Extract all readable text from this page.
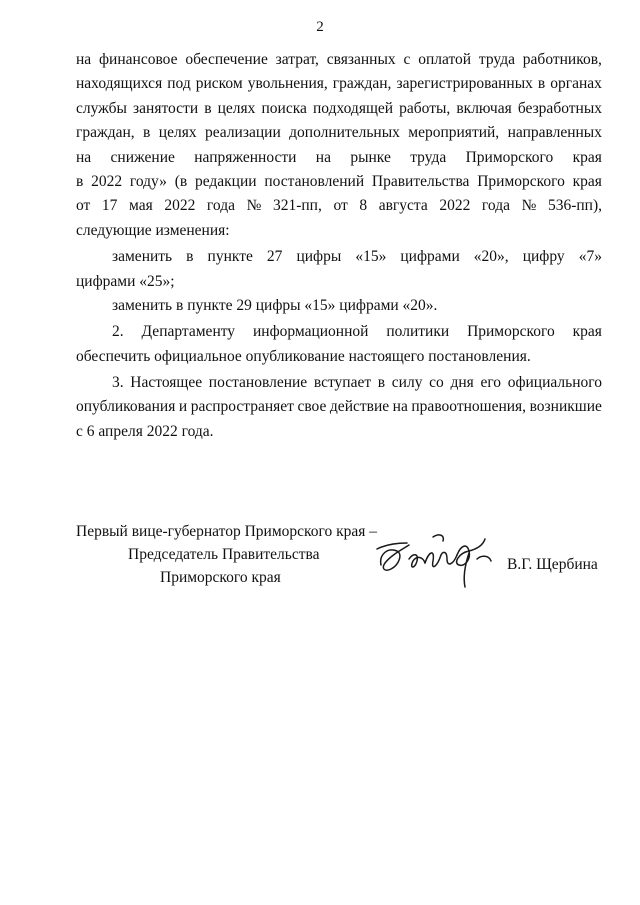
2
на финансовое обеспечение затрат, связанных с оплатой труда работников,
находящихся под риском увольнения, граждан, зарегистрированных в органах
службы занятости в целях поиска подходящей работы, включая безработных
граждан, в целях реализации дополнительных мероприятий, направленных
на снижение напряженности на рынке труда Приморского края
в 2022 году» (в редакции постановлений Правительства Приморского края
от 17 мая 2022 года № 321-пп, от 8 августа 2022 года № 536-пп),
следующие изменения:
заменить в пункте 27 цифры «15» цифрами «20», цифру «7»
цифрами «25»;
заменить в пункте 29 цифры «15» цифрами «20».
2. Департаменту информационной политики Приморского края
обеспечить официальное опубликование настоящего постановления.
3. Настоящее постановление вступает в силу со дня его официального
опубликования и распространяет свое действие на правоотношения, возникшие
с 6 апреля 2022 года.
Первый вице-губернатор Приморского края –
Председатель Правительства
Приморского края
В.Г. Щербина
